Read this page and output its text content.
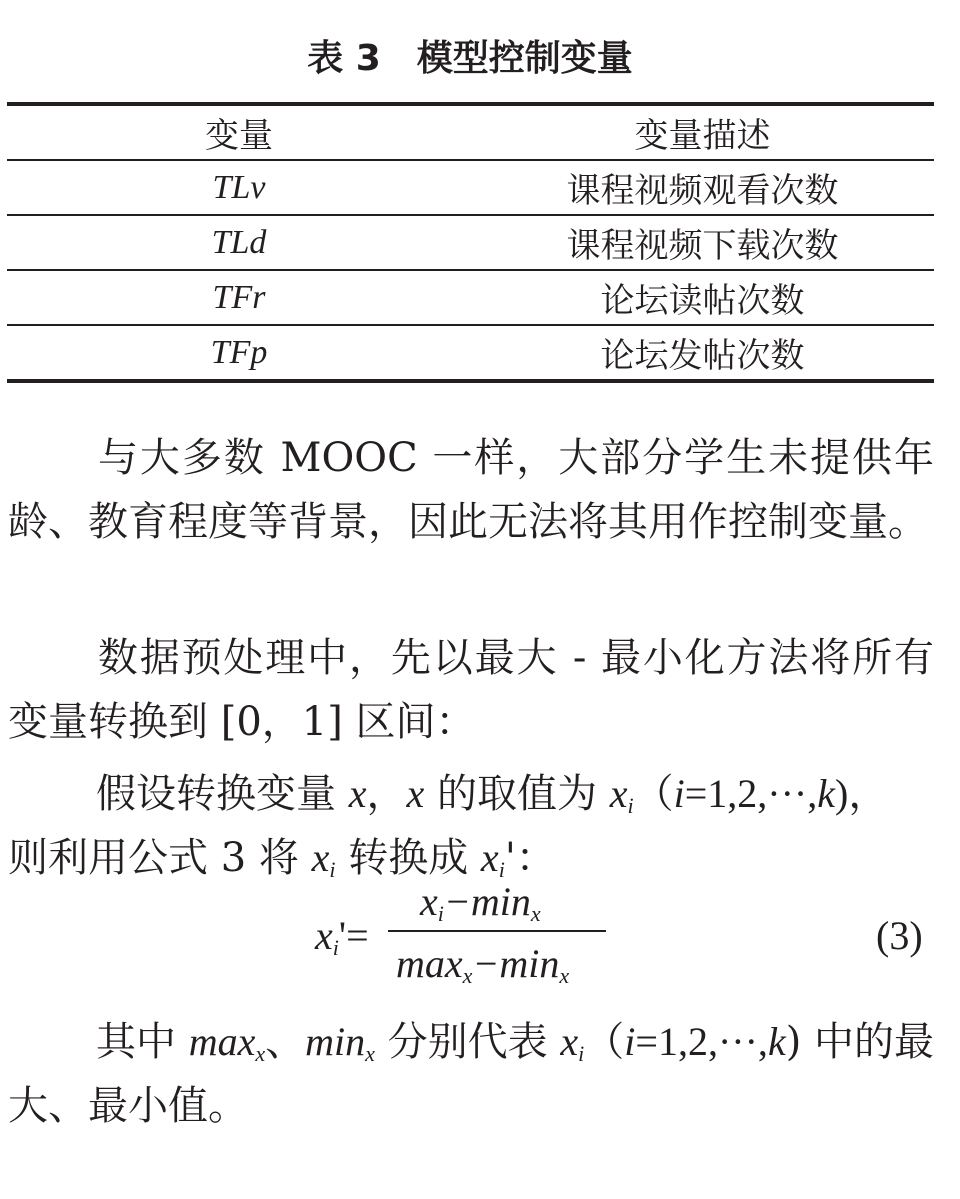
表 3　模型控制变量
变量	变量描述
TLv	课程视频观看次数
TLd	课程视频下载次数
TFr	论坛读帖次数
TFp	论坛发帖次数

与大多数 MOOC 一样，大部分学生未提供年龄、教育程度等背景，因此无法将其用作控制变量。

数据预处理中，先以最大 - 最小化方法将所有变量转换到 [0，1] 区间：

假设转换变量 x，x 的取值为 $x_i(i=1,2,\cdot\cdot\cdot,k)$，
则利用公式 3 将 $x_i$ 转换成 $x_i'$：

$x_i'=$
$x_i-\min_x$
$\max_x-\min_x$
(3)

其中 $\max_x$、$\min_x$ 分别代表 $x_i(i=1,2,\cdot\cdot\cdot,k)$ 中的最大、最小值。
